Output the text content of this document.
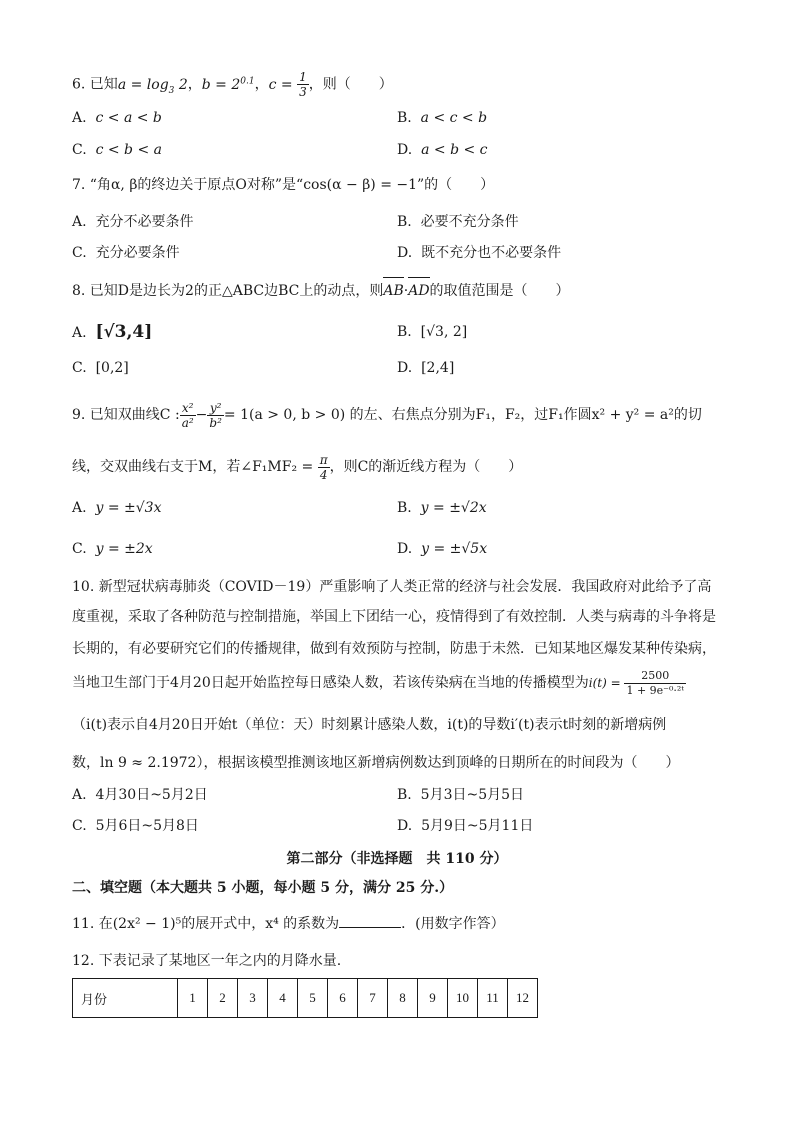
6. 已知$a = \log_3 2$，$b = 2^{0.1}$，$c = \frac{1}{3}$ ，则（　　）
A. c < a < b	B. a < c < b
C. c < b < a	D. a < b < c
7. “角α, β的终边关于原点O对称”是“cos(α − β) = −1”的（　　）
A. 充分不必要条件	B. 必要不充分条件
C. 充分必要条件	D. 既不充分也不必要条件
8. 已知D是边长为2的正△ABC边BC上的动点，则AB·AD的取值范围是（　　）
A. [√3,4]	B. [√3, 2]
C. [0,2]	D. [2,4]
9. 已知双曲线C : $\frac{\text{x²}}{\text{a²}} - \frac{\text{y²}}{\text{b²}} = 1(a > 0$, b > 0) 的左、右焦点分别为F₁，F₂，过F₁作圆x² + y² = a²的切
线，交双曲线右支于M，若∠F₁MF₂ = $\frac{\pi}{4}$ ，则C的渐近线方程为（　　）
A. y = ±√3x	B. y = ±√2x
C. y = ±2x	D. y = ±√5x
10. 新型冠状病毒肺炎（COVID－19）严重影响了人类正常的经济与社会发展．我国政府对此给予了高
度重视，采取了各种防范与控制措施，举国上下团结一心，疫情得到了有效控制．人类与病毒的斗争将是
长期的，有必要研究它们的传播规律，做到有效预防与控制，防患于未然．已知某地区爆发某种传染病，
当地卫生部门于4月20日起开始监控每日感染人数，若该传染病在当地的传播模型为$i(t) = \frac{2500}{\text{1 + 9e⁻⁰·²ᵗ}}$
（i(t)表示自4月20日开始t（单位：天）时刻累计感染人数，i(t)的导数i′(t)表示t时刻的新增病例
数，ln 9 ≈ 2.1972），根据该模型推测该地区新增病例数达到顶峰的日期所在的时间段为（　　）
A. 4月30日~5月2日	B. 5月3日~5月5日
C. 5月6日~5月8日	D. 5月9日~5月11日
第二部分（非选择题　共 110 分）
二、填空题（本大题共 5 小题，每小题 5 分，满分 25 分.）
11. 在(2x² − 1)⁵的展开式中，x⁴ 的系数为	．(用数字作答）
12. 下表记录了某地区一年之内的月降水量.
月份	1	2	3	4	5	6	7	8	9	10	11	12
